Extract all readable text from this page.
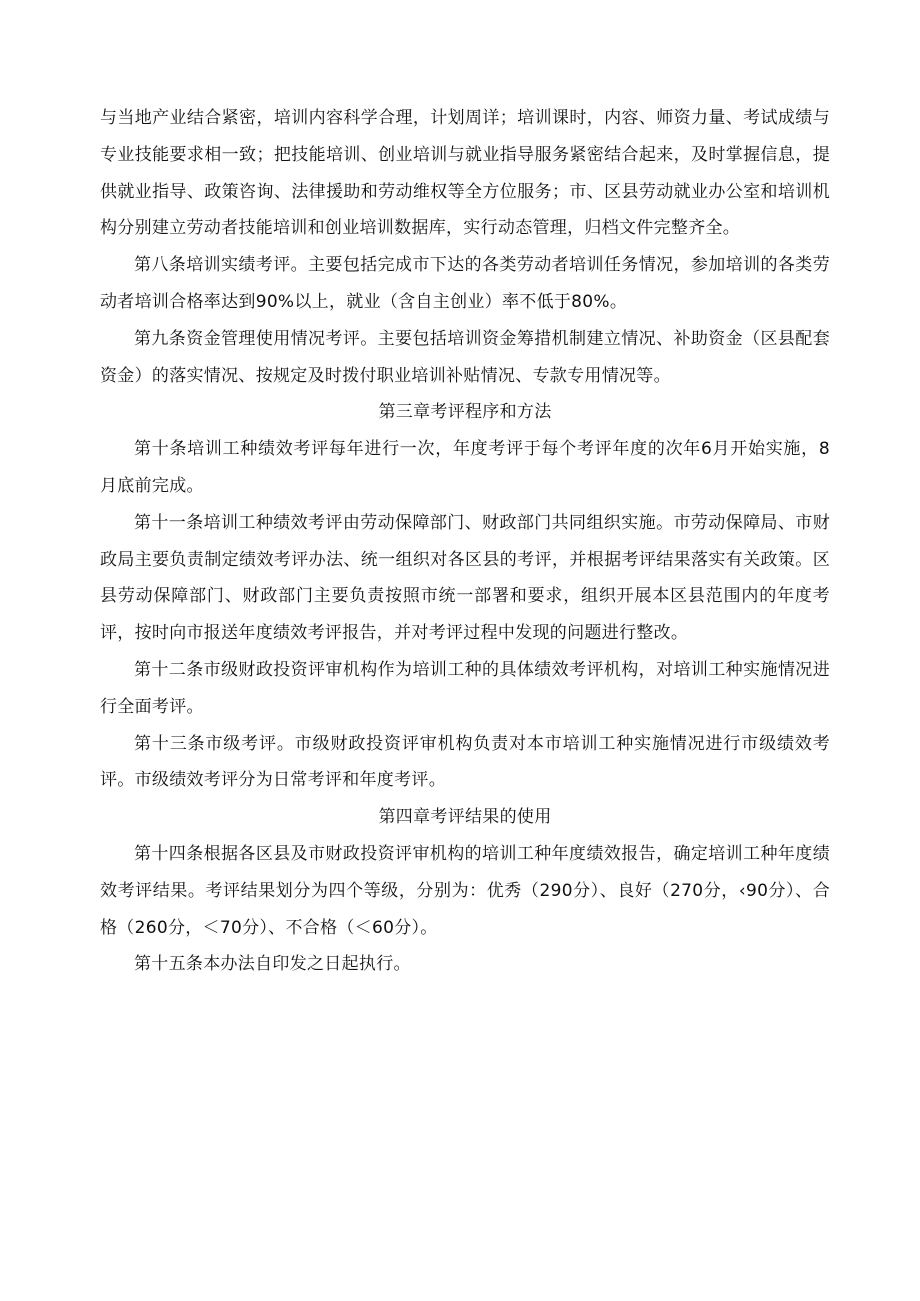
与当地产业结合紧密，培训内容科学合理，计划周详；培训课时，内容、师资力量、考试成绩与专业技能要求相一致；把技能培训、创业培训与就业指导服务紧密结合起来，及时掌握信息，提供就业指导、政策咨询、法律援助和劳动维权等全方位服务；市、区县劳动就业办公室和培训机构分别建立劳动者技能培训和创业培训数据库，实行动态管理，归档文件完整齐全。

第八条培训实绩考评。主要包括完成市下达的各类劳动者培训任务情况，参加培训的各类劳动者培训合格率达到90%以上，就业（含自主创业）率不低于80%。

第九条资金管理使用情况考评。主要包括培训资金筹措机制建立情况、补助资金（区县配套资金）的落实情况、按规定及时拨付职业培训补贴情况、专款专用情况等。

第三章考评程序和方法

第十条培训工种绩效考评每年进行一次，年度考评于每个考评年度的次年6月开始实施，8月底前完成。

第十一条培训工种绩效考评由劳动保障部门、财政部门共同组织实施。市劳动保障局、市财政局主要负责制定绩效考评办法、统一组织对各区县的考评，并根据考评结果落实有关政策。区县劳动保障部门、财政部门主要负责按照市统一部署和要求，组织开展本区县范围内的年度考评，按时向市报送年度绩效考评报告，并对考评过程中发现的问题进行整改。

第十二条市级财政投资评审机构作为培训工种的具体绩效考评机构，对培训工种实施情况进行全面考评。

第十三条市级考评。市级财政投资评审机构负责对本市培训工种实施情况进行市级绩效考评。市级绩效考评分为日常考评和年度考评。

第四章考评结果的使用

第十四条根据各区县及市财政投资评审机构的培训工种年度绩效报告，确定培训工种年度绩效考评结果。考评结果划分为四个等级，分别为：优秀（290分）、良好（270分，‹90分）、合格（260分，＜70分）、不合格（＜60分）。

第十五条本办法自印发之日起执行。
